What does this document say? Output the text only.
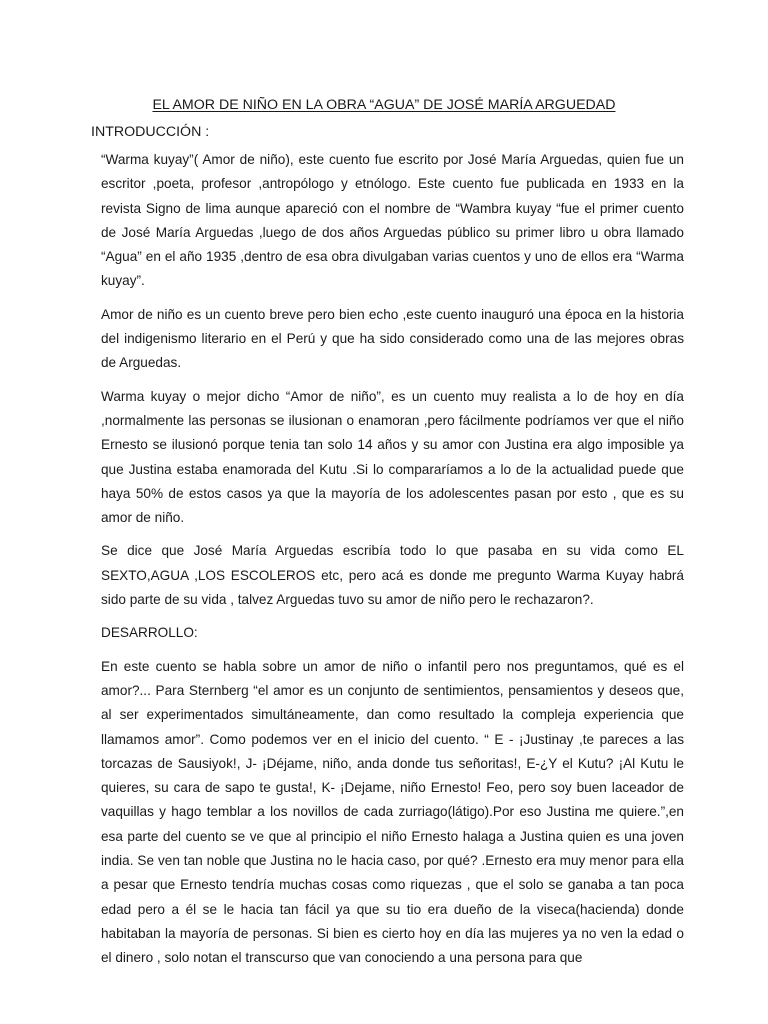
EL AMOR DE NIÑO EN LA OBRA “AGUA” DE JOSÉ MARÍA ARGUEDAD
INTRODUCCIÓN :

“Warma kuyay”( Amor de niño), este cuento fue escrito por José María Arguedas, quien fue un escritor ,poeta, profesor ,antropólogo y etnólogo. Este cuento fue publicada en 1933 en la revista Signo de lima aunque apareció con el nombre de “Wambra kuyay “fue el primer cuento de José María Arguedas ,luego de dos años Arguedas público su primer libro u obra llamado “Agua” en el año 1935 ,dentro de esa obra divulgaban varias cuentos y uno de ellos era “Warma kuyay”.

Amor de niño es un cuento breve pero bien echo ,este cuento inauguró una época en la historia del indigenismo literario en el Perú y que ha sido considerado como una de las mejores obras de Arguedas.

Warma kuyay o mejor dicho “Amor de niño”, es un cuento muy realista a lo de hoy en día ,normalmente las personas se ilusionan o enamoran ,pero fácilmente podríamos ver que el niño Ernesto se ilusionó porque tenia tan solo 14 años y su amor con Justina era algo imposible ya que Justina estaba enamorada del Kutu .Si lo compararíamos a lo de la actualidad puede que haya 50% de estos casos ya que la mayoría de los adolescentes pasan por esto , que es su amor de niño.

Se dice que José María Arguedas escribía todo lo que pasaba en su vida como EL SEXTO,AGUA ,LOS ESCOLEROS etc, pero acá es donde me pregunto Warma Kuyay habrá sido parte de su vida , talvez Arguedas tuvo su amor de niño pero le rechazaron?.

DESARROLLO:

En este cuento se habla sobre un amor de niño o infantil pero nos preguntamos, qué es el amor?... Para Sternberg “el amor es un conjunto de sentimientos, pensamientos y deseos que, al ser experimentados simultáneamente, dan como resultado la compleja experiencia que llamamos amor”. Como podemos ver en el inicio del cuento. “ E - ¡Justinay ,te pareces a las torcazas de Sausiyok!, J- ¡Déjame, niño, anda donde tus señoritas!, E-¿Y el Kutu? ¡Al Kutu le quieres, su cara de sapo te gusta!, K- ¡Dejame, niño Ernesto! Feo, pero soy buen laceador de vaquillas y hago temblar a los novillos de cada zurriago(látigo).Por eso Justina me quiere.”,en esa parte del cuento se ve que al principio el niño Ernesto halaga a Justina quien es una joven india. Se ven tan noble que Justina no le hacia caso, por qué? .Ernesto era muy menor para ella a pesar que Ernesto tendría muchas cosas como riquezas , que el solo se ganaba a tan poca edad pero a él se le hacia tan fácil ya que su tio era dueño de la viseca(hacienda) donde habitaban la mayoría de personas. Si bien es cierto hoy en día las mujeres ya no ven la edad o el dinero , solo notan el transcurso que van conociendo a una persona para que
